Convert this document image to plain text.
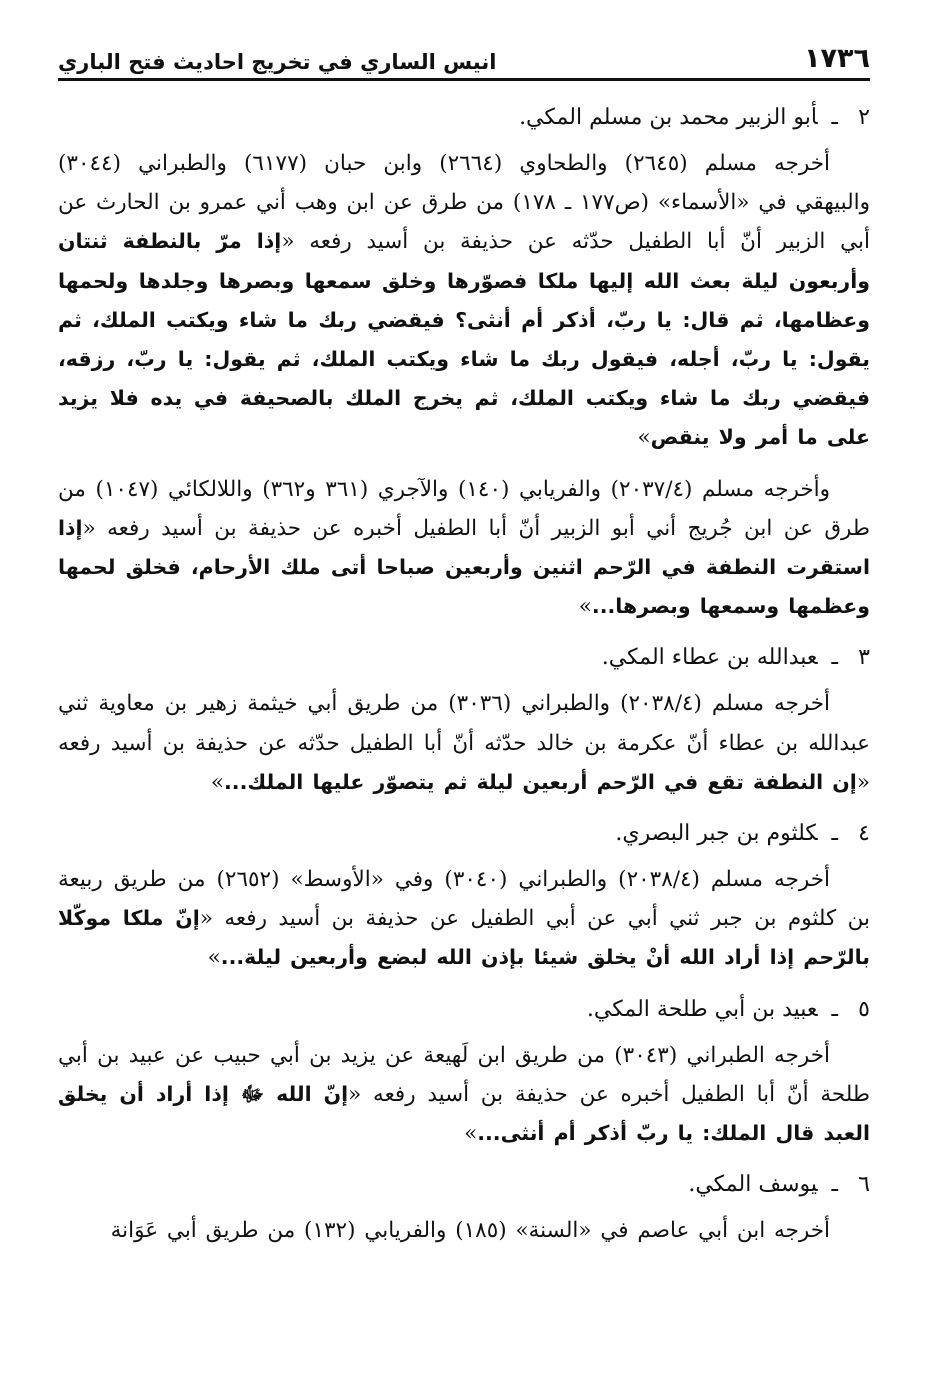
١٧٣٦
انيس الساري في تخريج احاديث فتح الباري
٢ـأبو الزبير محمد بن مسلم المكي.

أخرجه مسلم (٢٦٤٥) والطحاوي (٢٦٦٤) وابن حبان (٦١٧٧) والطبراني (٣٠٤٤) والبيهقي في «الأسماء» (ص١٧٧ ـ ١٧٨) من طرق عن ابن وهب أني عمرو بن الحارث عن أبي الزبير أنّ أبا الطفيل حدّثه عن حذيفة بن أسيد رفعه «إذا مرّ بالنطفة ثنتان وأربعون ليلة بعث الله إليها ملكا فصوّرها وخلق سمعها وبصرها وجلدها ولحمها وعظامها، ثم قال: يا ربّ، أذكر أم أنثى؟ فيقضي ربك ما شاء ويكتب الملك، ثم يقول: يا ربّ، أجله، فيقول ربك ما شاء ويكتب الملك، ثم يقول: يا ربّ، رزقه، فيقضي ربك ما شاء ويكتب الملك، ثم يخرج الملك بالصحيفة في يده فلا يزيد على ما أمر ولا ينقص»

وأخرجه مسلم (٢٠٣٧/٤) والفريابي (١٤٠) والآجري (٣٦١ و٣٦٢) واللالكائي (١٠٤٧) من طرق عن ابن جُريج أني أبو الزبير أنّ أبا الطفيل أخبره عن حذيفة بن أسيد رفعه «إذا استقرت النطفة في الرّحم اثنين وأربعين صباحا أتى ملك الأرحام، فخلق لحمها وعظمها وسمعها وبصرها...»

٣ـعبدالله بن عطاء المكي.

أخرجه مسلم (٢٠٣٨/٤) والطبراني (٣٠٣٦) من طريق أبي خيثمة زهير بن معاوية ثني عبدالله بن عطاء أنّ عكرمة بن خالد حدّثه أنّ أبا الطفيل حدّثه عن حذيفة بن أسيد رفعه «إن النطفة تقع في الرّحم أربعين ليلة ثم يتصوّر عليها الملك...»

٤ـكلثوم بن جبر البصري.

أخرجه مسلم (٢٠٣٨/٤) والطبراني (٣٠٤٠) وفي «الأوسط» (٢٦٥٢) من طريق ربيعة بن كلثوم بن جبر ثني أبي عن أبي الطفيل عن حذيفة بن أسيد رفعه «إنّ ملكا موكّلا بالرّحم إذا أراد الله أنْ يخلق شيئا بإذن الله لبضع وأربعين ليلة...»

٥ـعبيد بن أبي طلحة المكي.

أخرجه الطبراني (٣٠٤٣) من طريق ابن لَهيعة عن يزيد بن أبي حبيب عن عبيد بن أبي طلحة أنّ أبا الطفيل أخبره عن حذيفة بن أسيد رفعه «إنّ الله ﷻ إذا أراد أن يخلق العبد قال الملك: يا ربّ أذكر أم أنثى...»

٦ـيوسف المكي.

أخرجه ابن أبي عاصم في «السنة» (١٨٥) والفريابي (١٣٢) من طريق أبي عَوَانة
